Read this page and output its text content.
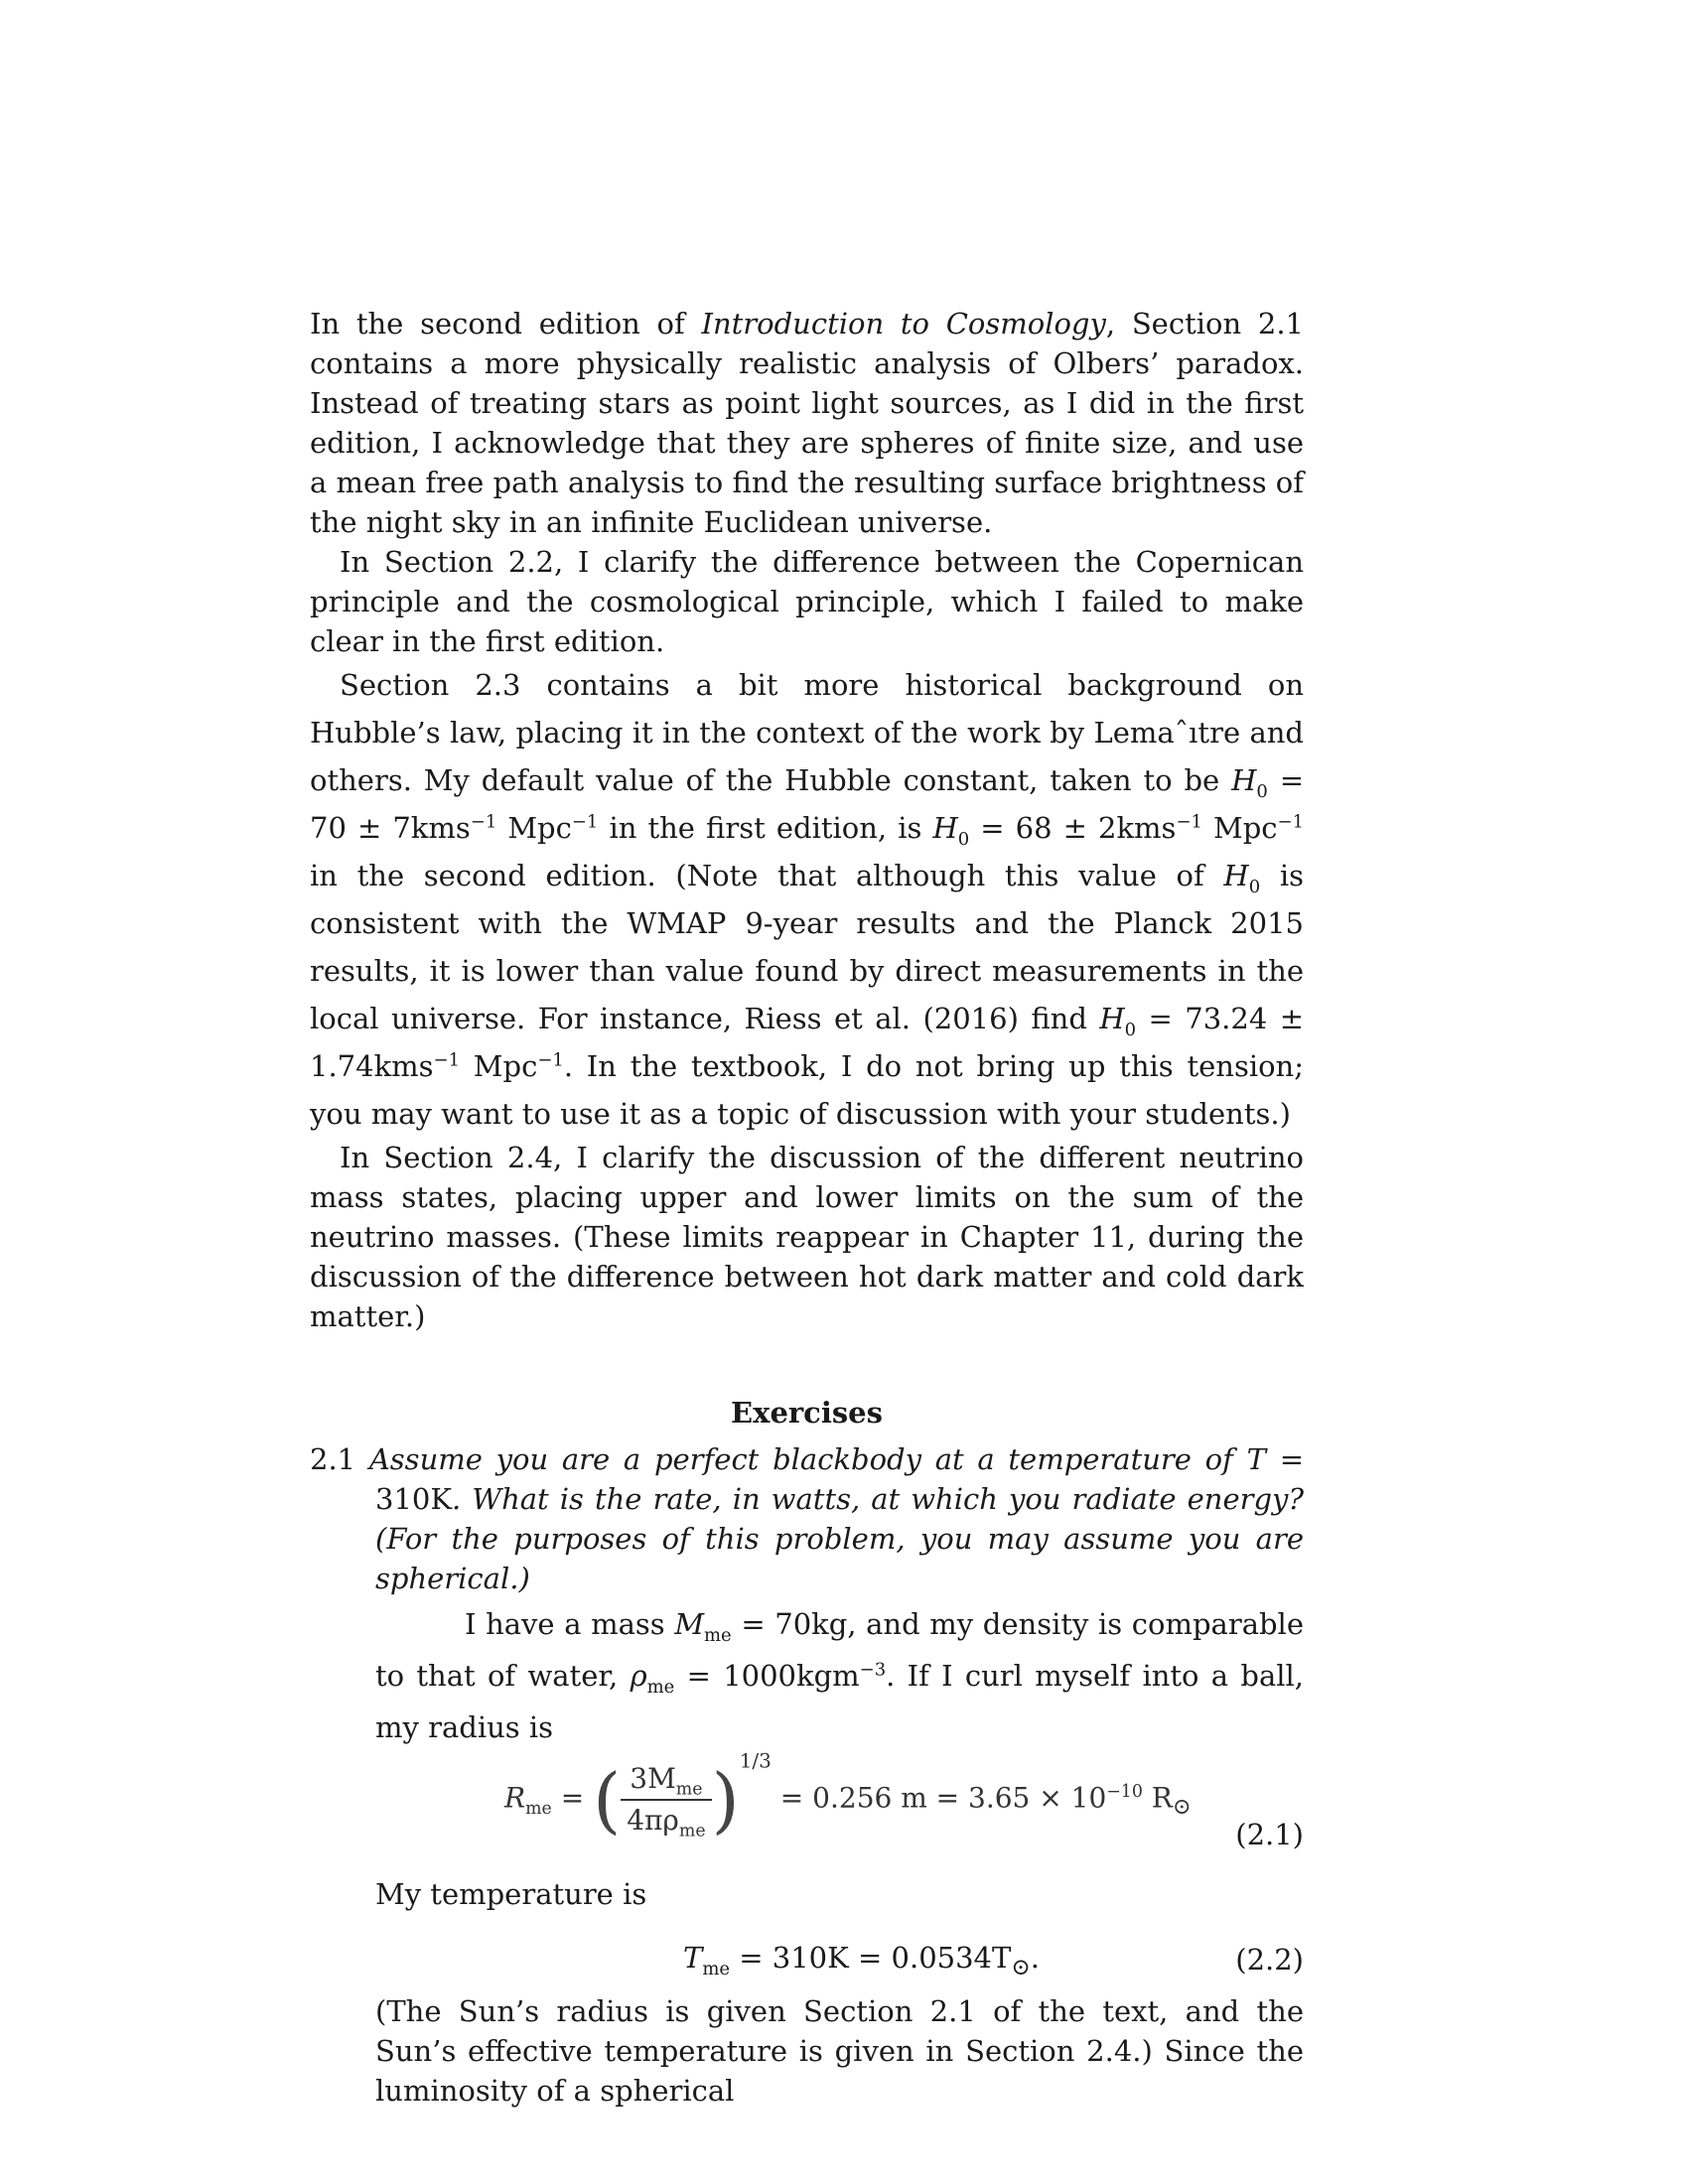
In the second edition of Introduction to Cosmology, Section 2.1 contains a more physically realistic analysis of Olbers’ paradox. Instead of treating stars as point light sources, as I did in the first edition, I acknowledge that they are spheres of finite size, and use a mean free path analysis to find the resulting surface brightness of the night sky in an infinite Euclidean universe.

In Section 2.2, I clarify the difference between the Copernican principle and the cosmological principle, which I failed to make clear in the first edition.

Section 2.3 contains a bit more historical background on Hubble’s law, placing it in the context of the work by Lemaˆıtre and others. My default value of the Hubble constant, taken to be $H_0 = 70 \pm 7kms^{-1}$ Mpc$^{-1}$ in the first edition, is $H_0 = 68 \pm 2kms^{-1}$ Mpc$^{-1}$ in the second edition. (Note that although this value of $H_0$ is consistent with the WMAP 9-year results and the Planck 2015 results, it is lower than value found by direct measurements in the local universe. For instance, Riess et al. (2016) find $H_0 = 73.24 \pm 1.74kms^{-1}$ Mpc$^{-1}$. In the textbook, I do not bring up this tension; you may want to use it as a topic of discussion with your students.)

In Section 2.4, I clarify the discussion of the different neutrino mass states, placing upper and lower limits on the sum of the neutrino masses. (These limits reappear in Chapter 11, during the discussion of the difference between hot dark matter and cold dark matter.)

Exercises

2.1 Assume you are a perfect blackbody at a temperature of T = 310K. What is the rate, in watts, at which you radiate energy? (For the purposes of this problem, you may assume you are spherical.)

I have a mass $M_{me} = 70kg$, and my density is comparable to that of water, $\rho_{me} = 1000kgm^{-3}$. If I curl myself into a ball, my radius is

$R_{me}$ = ( $\frac{3M_{me}}{4\pi\rho_{me}} )^{1/3} = 0.256$ $m = 3.65 \times 10^{-10}$ $R_⊙$
(2.1)

My temperature is

$T_{me} = 310K = 0.0534T_⊙$.	(2.2)

(The Sun’s radius is given Section 2.1 of the text, and the Sun’s effective temperature is given in Section 2.4.) Since the luminosity of a spherical
